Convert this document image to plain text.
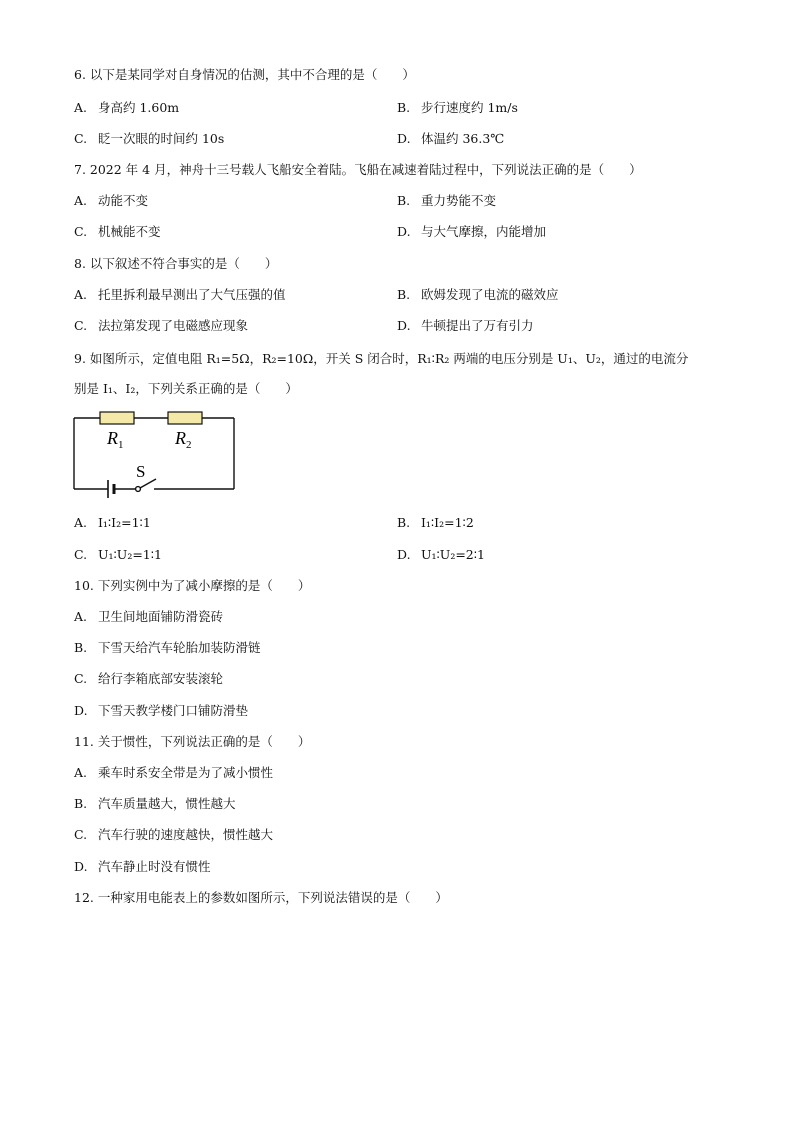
6. 以下是某同学对自身情况的估测，其中不合理的是（　　）
A. 身高约 1.60m	B. 步行速度约 1m/s
C. 眨一次眼的时间约 10s	D. 体温约 36.3℃
7. 2022 年 4 月，神舟十三号载人飞船安全着陆。飞船在减速着陆过程中，下列说法正确的是（　　）
A. 动能不变	B. 重力势能不变
C. 机械能不变	D. 与大气摩擦，内能增加
8. 以下叙述不符合事实的是（　　）
A. 托里拆利最早测出了大气压强的值	B. 欧姆发现了电流的磁效应
C. 法拉第发现了电磁感应现象	D. 牛顿提出了万有引力
9. 如图所示，定值电阻 R₁=5Ω，R₂=10Ω，开关 S 闭合时，R₁∶R₂ 两端的电压分别是 U₁、U₂，通过的电流分
别是 I₁、I₂，下列关系正确的是（　　）
$R_1$	$R_2$
S
A. I₁∶I₂=1∶1	B. I₁∶I₂=1∶2
C. U₁∶U₂=1∶1	D. U₁∶U₂=2∶1
10. 下列实例中为了减小摩擦的是（　　）
A. 卫生间地面铺防滑瓷砖
B. 下雪天给汽车轮胎加装防滑链
C. 给行李箱底部安装滚轮
D. 下雪天教学楼门口铺防滑垫
11. 关于惯性，下列说法正确的是（　　）
A. 乘车时系安全带是为了减小惯性
B. 汽车质量越大，惯性越大
C. 汽车行驶的速度越快，惯性越大
D. 汽车静止时没有惯性
12. 一种家用电能表上的参数如图所示，下列说法错误的是（　　）
